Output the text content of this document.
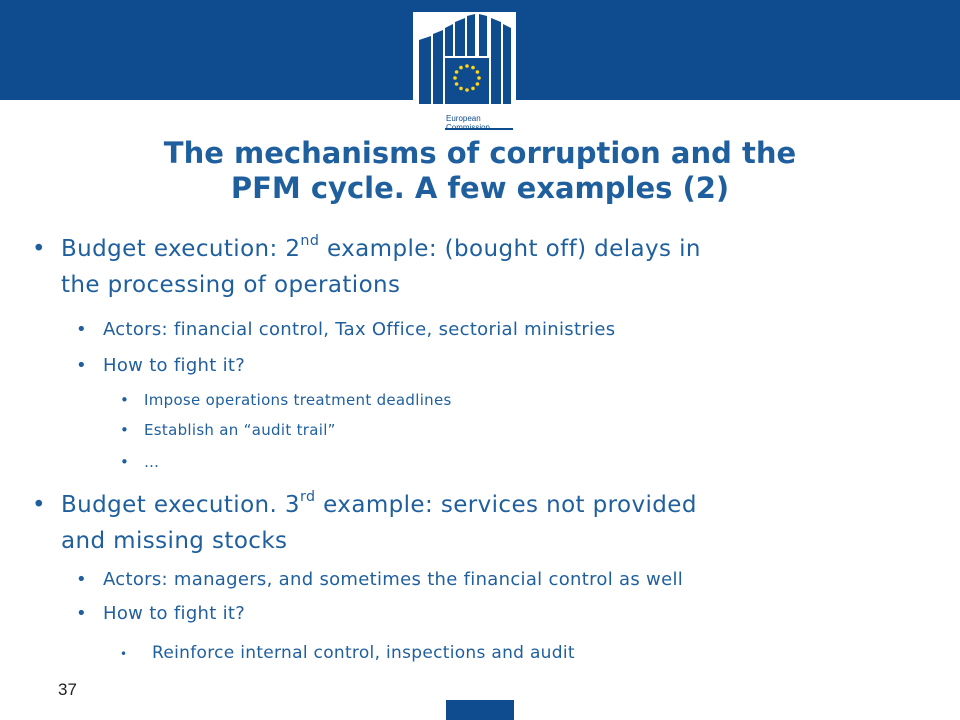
European
Commission
The mechanisms of corruption and the
PFM cycle. A few examples (2)
• Budget execution: 2nd example: (bought off) delays in
the processing of operations
• Actors: financial control, Tax Office, sectorial ministries
• How to fight it?
• Impose operations treatment deadlines
• Establish an “audit trail”
• …
• Budget execution. 3rd example: services not provided
and missing stocks
• Actors: managers, and sometimes the financial control as well
• How to fight it?
• Reinforce internal control, inspections and audit
37
